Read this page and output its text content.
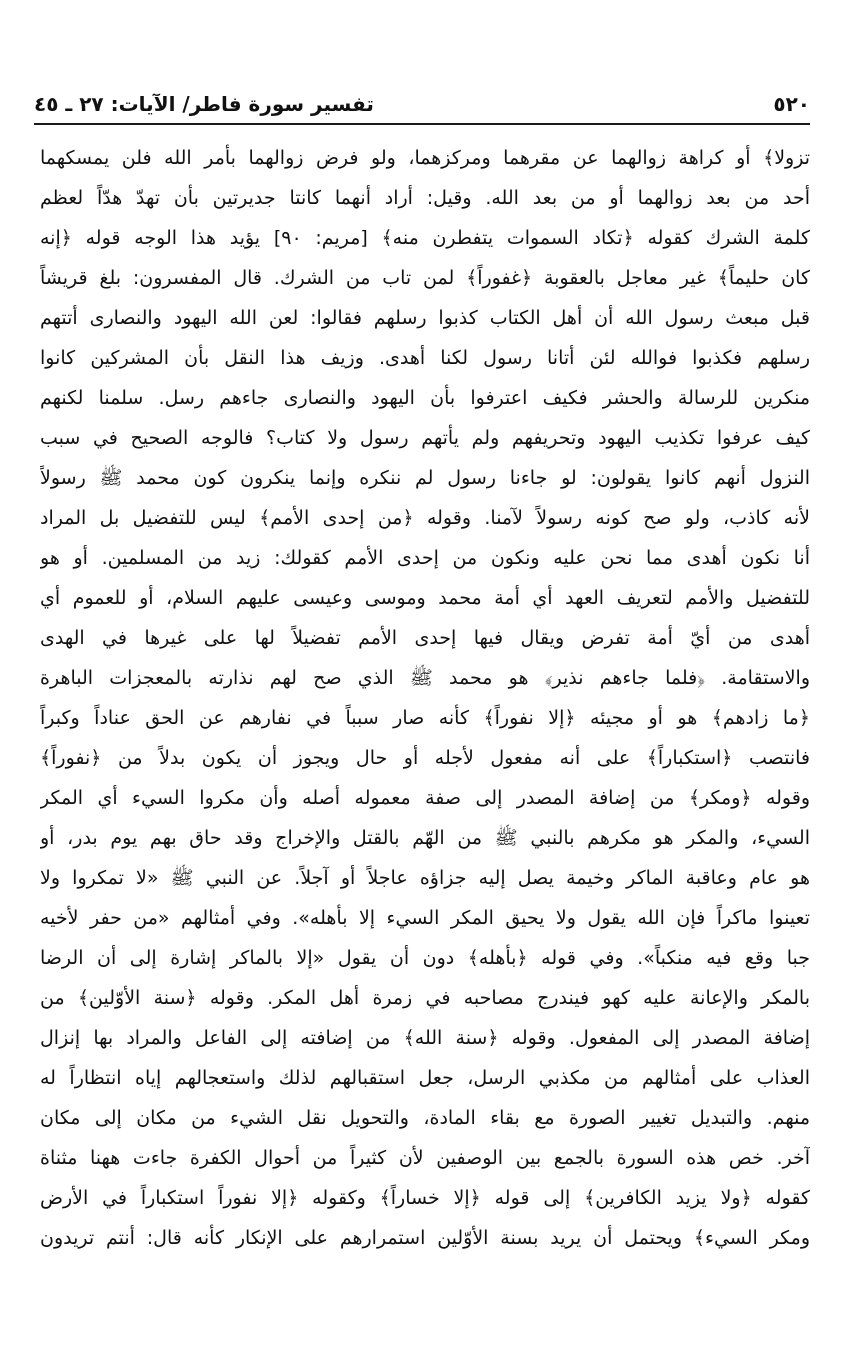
٥٢٠
تفسير سورة فاطر/ الآيات: ٢٧ ـ ٤٥
تزولا﴾ أو كراهة زوالهما عن مقرهما ومركزهما، ولو فرض زوالهما بأمر الله فلن يمسكهما
أحد من بعد زوالهما أو من بعد الله. وقيل: أراد أنهما كانتا جديرتين بأن تهدّ هدّاً لعظم
كلمة الشرك كقوله ﴿تكاد السموات يتفطرن منه﴾ [مريم: ٩٠] يؤيد هذا الوجه قوله ﴿إنه
كان حليماً﴾ غير معاجل بالعقوبة ﴿غفوراً﴾ لمن تاب من الشرك. قال المفسرون: بلغ قريشاً
قبل مبعث رسول الله أن أهل الكتاب كذبوا رسلهم فقالوا: لعن الله اليهود والنصارى أتتهم
رسلهم فكذبوا فوالله لئن أتانا رسول لكنا أهدى. وزيف هذا النقل بأن المشركين كانوا
منكرين للرسالة والحشر فكيف اعترفوا بأن اليهود والنصارى جاءهم رسل. سلمنا لكنهم
كيف عرفوا تكذيب اليهود وتحريفهم ولم يأتهم رسول ولا كتاب؟ فالوجه الصحيح في سبب
النزول أنهم كانوا يقولون: لو جاءنا رسول لم ننكره وإنما ينكرون كون محمد ﷺ رسولاً
لأنه كاذب، ولو صح كونه رسولاً لآمنا. وقوله ﴿من إحدى الأمم﴾ ليس للتفضيل بل المراد
أنا نكون أهدى مما نحن عليه ونكون من إحدى الأمم كقولك: زيد من المسلمين. أو هو
للتفضيل والأمم لتعريف العهد أي أمة محمد وموسى وعيسى عليهم السلام، أو للعموم أي
أهدى من أيّ أمة تفرض ويقال فيها إحدى الأمم تفضيلاً لها على غيرها في الهدى
والاستقامة. ﴿فلما جاءهم نذير﴾ هو محمد ﷺ الذي صح لهم نذارته بالمعجزات الباهرة
﴿ما زادهم﴾ هو أو مجيئه ﴿إلا نفوراً﴾ كأنه صار سبباً في نفارهم عن الحق عناداً وكبراً
فانتصب ﴿استكباراً﴾ على أنه مفعول لأجله أو حال ويجوز أن يكون بدلاً من ﴿نفوراً﴾
وقوله ﴿ومكر﴾ من إضافة المصدر إلى صفة معموله أصله وأن مكروا السيء أي المكر
السيء، والمكر هو مكرهم بالنبي ﷺ من الهّم بالقتل والإخراج وقد حاق بهم يوم بدر، أو
هو عام وعاقبة الماكر وخيمة يصل إليه جزاؤه عاجلاً أو آجلاً. عن النبي ﷺ «لا تمكروا ولا
تعينوا ماكراً فإن الله يقول ولا يحيق المكر السيء إلا بأهله». وفي أمثالهم «من حفر لأخيه
جبا وقع فيه منكباً». وفي قوله ﴿بأهله﴾ دون أن يقول «إلا بالماكر إشارة إلى أن الرضا
بالمكر والإعانة عليه كهو فيندرج مصاحبه في زمرة أهل المكر. وقوله ﴿سنة الأوّلين﴾ من
إضافة المصدر إلى المفعول. وقوله ﴿سنة الله﴾ من إضافته إلى الفاعل والمراد بها إنزال
العذاب على أمثالهم من مكذبي الرسل، جعل استقبالهم لذلك واستعجالهم إياه انتظاراً له
منهم. والتبديل تغيير الصورة مع بقاء المادة، والتحويل نقل الشيء من مكان إلى مكان
آخر. خص هذه السورة بالجمع بين الوصفين لأن كثيراً من أحوال الكفرة جاءت ههنا مثناة
كقوله ﴿ولا يزيد الكافرين﴾ إلى قوله ﴿إلا خساراً﴾ وكقوله ﴿إلا نفوراً استكباراً في الأرض
ومكر السيء﴾ ويحتمل أن يريد بسنة الأوّلين استمرارهم على الإنكار كأنه قال: أنتم تريدون
